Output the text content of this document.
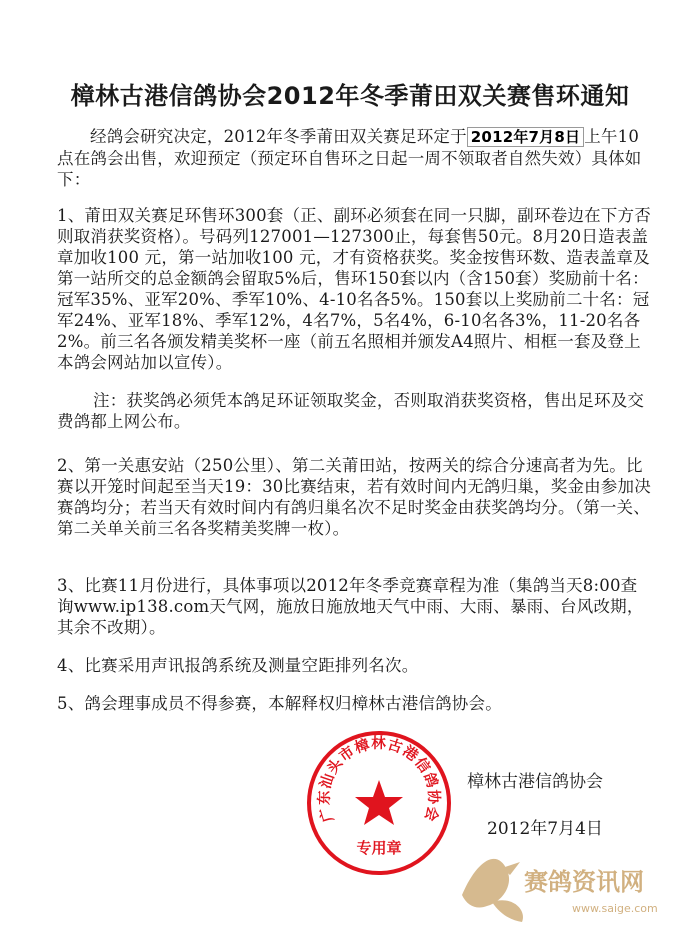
樟林古港信鸽协会2012年冬季莆田双关赛售环通知
经鸽会研究决定，2012年冬季莆田双关赛足环定于 2012年7月8日 上午10点在鸽会出售，欢迎预定（预定环自售环之日起一周不领取者自然失效）具体如下：
1、莆田双关赛足环售环300套（正、副环必须套在同一只脚，副环卷边在下方否则取消获奖资格）。号码列127001—127300止，每套售50元。8月20日造表盖章加收100 元，第一站加收100 元，才有资格获奖。奖金按售环数、造表盖章及第一站所交的总金额鸽会留取5%后，售环150套以内（含150套）奖励前十名：冠军35%、亚军20%、季军10%、4-10名各5%。150套以上奖励前二十名：冠军24%、亚军18%、季军12%，4名7%，5名4%，6-10名各3%，11-20名各2%。前三名各颁发精美奖杯一座（前五名照相并颁发A4照片、相框一套及登上本鸽会网站加以宣传）。
注：获奖鸽必须凭本鸽足环证领取奖金，否则取消获奖资格，售出足环及交费鸽都上网公布。
2、第一关惠安站（250公里）、第二关莆田站，按两关的综合分速高者为先。比赛以开笼时间起至当天19：30比赛结束，若有效时间内无鸽归巢，奖金由参加决赛鸽均分；若当天有效时间内有鸽归巢名次不足时奖金由获奖鸽均分。（第一关、第二关单关前三名各奖精美奖牌一枚）。
3、比赛11月份进行，具体事项以2012年冬季竞赛章程为准（集鸽当天8:00查询www.ip138.com天气网，施放日施放地天气中雨、大雨、暴雨、台风改期，其余不改期）。
4、比赛采用声讯报鸽系统及测量空距排列名次。
5、鸽会理事成员不得参赛，本解释权归樟林古港信鸽协会。
广东汕头市樟林古港信鸽协会
专用章
樟林古港信鸽协会
2012年7月4日
赛鸽资讯网
www.saige.com
